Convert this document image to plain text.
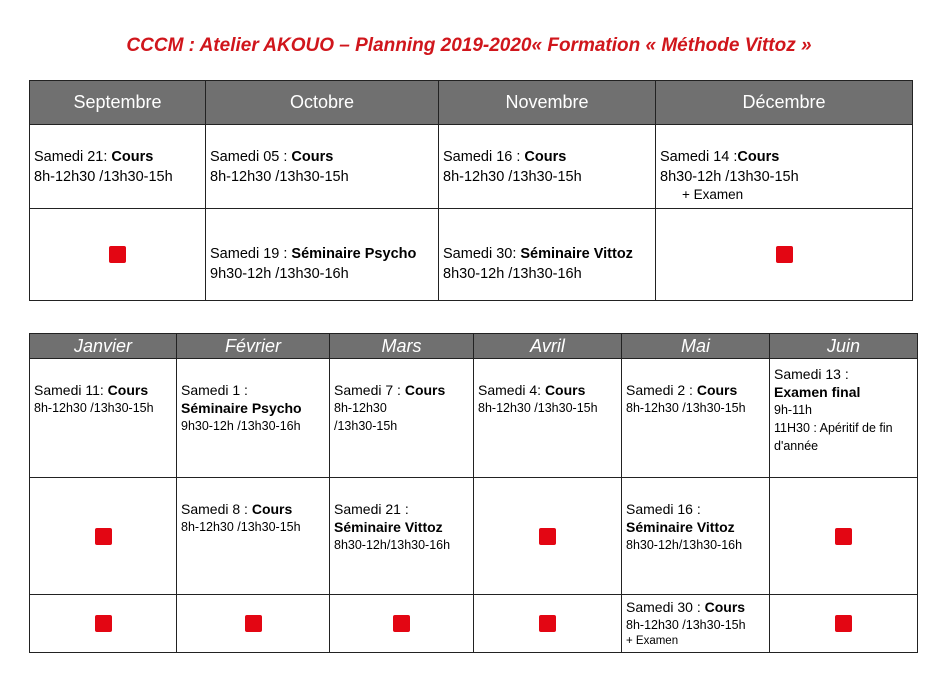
CCCM : Atelier AKOUO – Planning 2019-2020« Formation « Méthode Vittoz »
Septembre	Octobre	Novembre	Décembre

Samedi 21: Cours
8h-12h30 /13h30-15h	Samedi 05 : Cours
8h-12h30 /13h30-15h	Samedi 16 : Cours
8h-12h30 /13h30-15h	Samedi 14 :Cours
8h30-12h /13h30-15h
+ Examen

	Samedi 19 : Séminaire Psycho
9h30-12h /13h30-16h	Samedi 30: Séminaire Vittoz
8h30-12h /13h30-16h	

Janvier	Février	Mars	Avril	Mai	Juin

Samedi 11: Cours
8h-12h30 /13h30-15h	Samedi 1 :
Séminaire Psycho
9h30-12h /13h30-16h	Samedi 7 : Cours
8h-12h30
/13h30-15h	Samedi 4: Cours
8h-12h30 /13h30-15h	Samedi 2 : Cours
8h-12h30 /13h30-15h	Samedi 13 :
Examen final
9h-11h
11H30 : Apéritif de fin
d'année

	Samedi 8 : Cours
8h-12h30 /13h30-15h	Samedi 21 :
Séminaire Vittoz
8h30-12h/13h30-16h		Samedi 16 :
Séminaire Vittoz
8h30-12h/13h30-16h	

				Samedi 30 : Cours
8h-12h30 /13h30-15h
+ Examen	
